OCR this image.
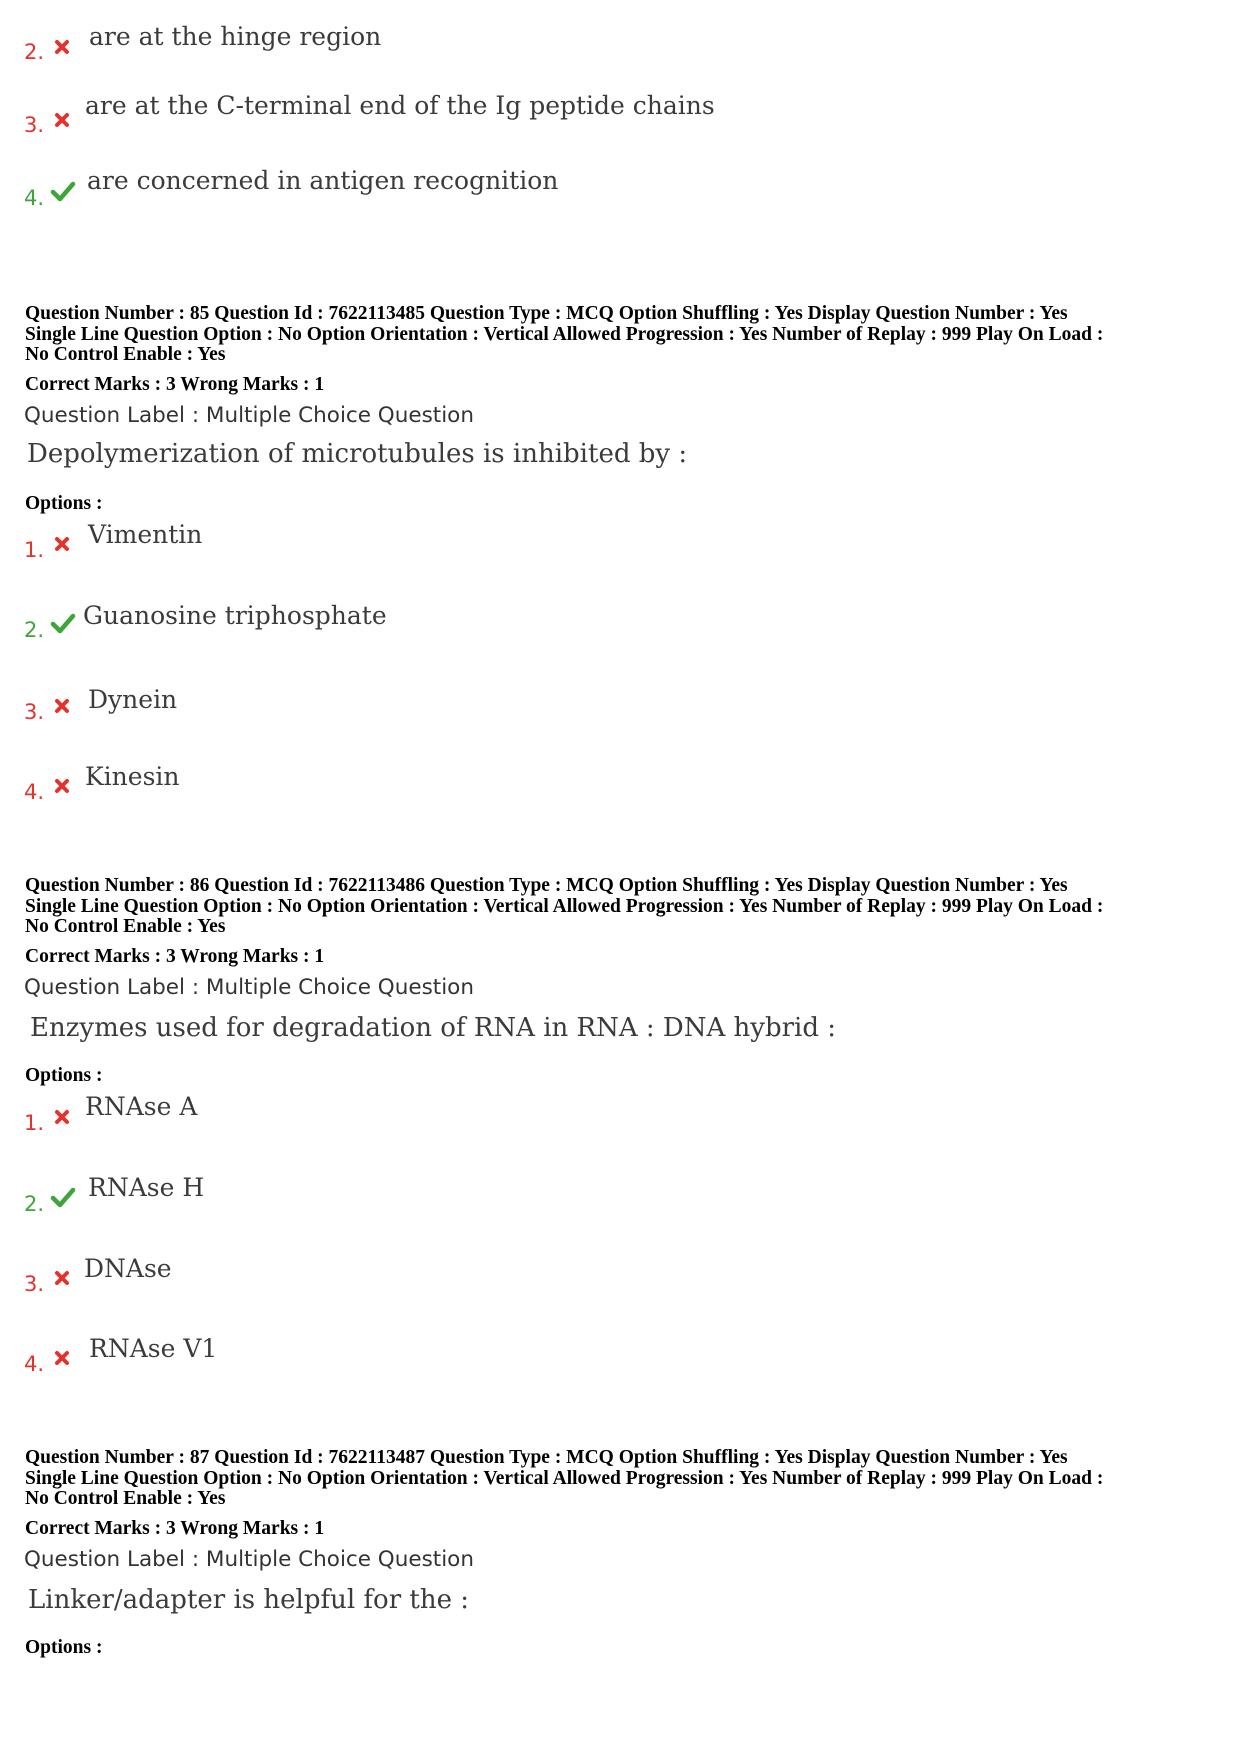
2.
are at the hinge region
3.
are at the C-terminal end of the Ig peptide chains
4.
are concerned in antigen recognition
Question Number : 85 Question Id : 7622113485 Question Type : MCQ Option Shuffling : Yes Display Question Number : Yes
Single Line Question Option : No Option Orientation : Vertical Allowed Progression : Yes Number of Replay : 999 Play On Load :
No Control Enable : Yes
Correct Marks : 3 Wrong Marks : 1
Question Label : Multiple Choice Question
Depolymerization of microtubules is inhibited by :
Options :
1.
Vimentin
2. Guanosine triphosphate
3. Dynein
4.
Kinesin
Question Number : 86 Question Id : 7622113486 Question Type : MCQ Option Shuffling : Yes Display Question Number : Yes
Single Line Question Option : No Option Orientation : Vertical Allowed Progression : Yes Number of Replay : 999 Play On Load :
No Control Enable : Yes
Correct Marks : 3 Wrong Marks : 1
Question Label : Multiple Choice Question
Enzymes used for degradation of RNA in RNA : DNA hybrid :
Options :
1.
RNAse A
2.
RNAse H
3.
DNAse
4.
RNAse V1
Question Number : 87 Question Id : 7622113487 Question Type : MCQ Option Shuffling : Yes Display Question Number : Yes
Single Line Question Option : No Option Orientation : Vertical Allowed Progression : Yes Number of Replay : 999 Play On Load :
No Control Enable : Yes
Correct Marks : 3 Wrong Marks : 1
Question Label : Multiple Choice Question
Linker/adapter is helpful for the :
Options :
